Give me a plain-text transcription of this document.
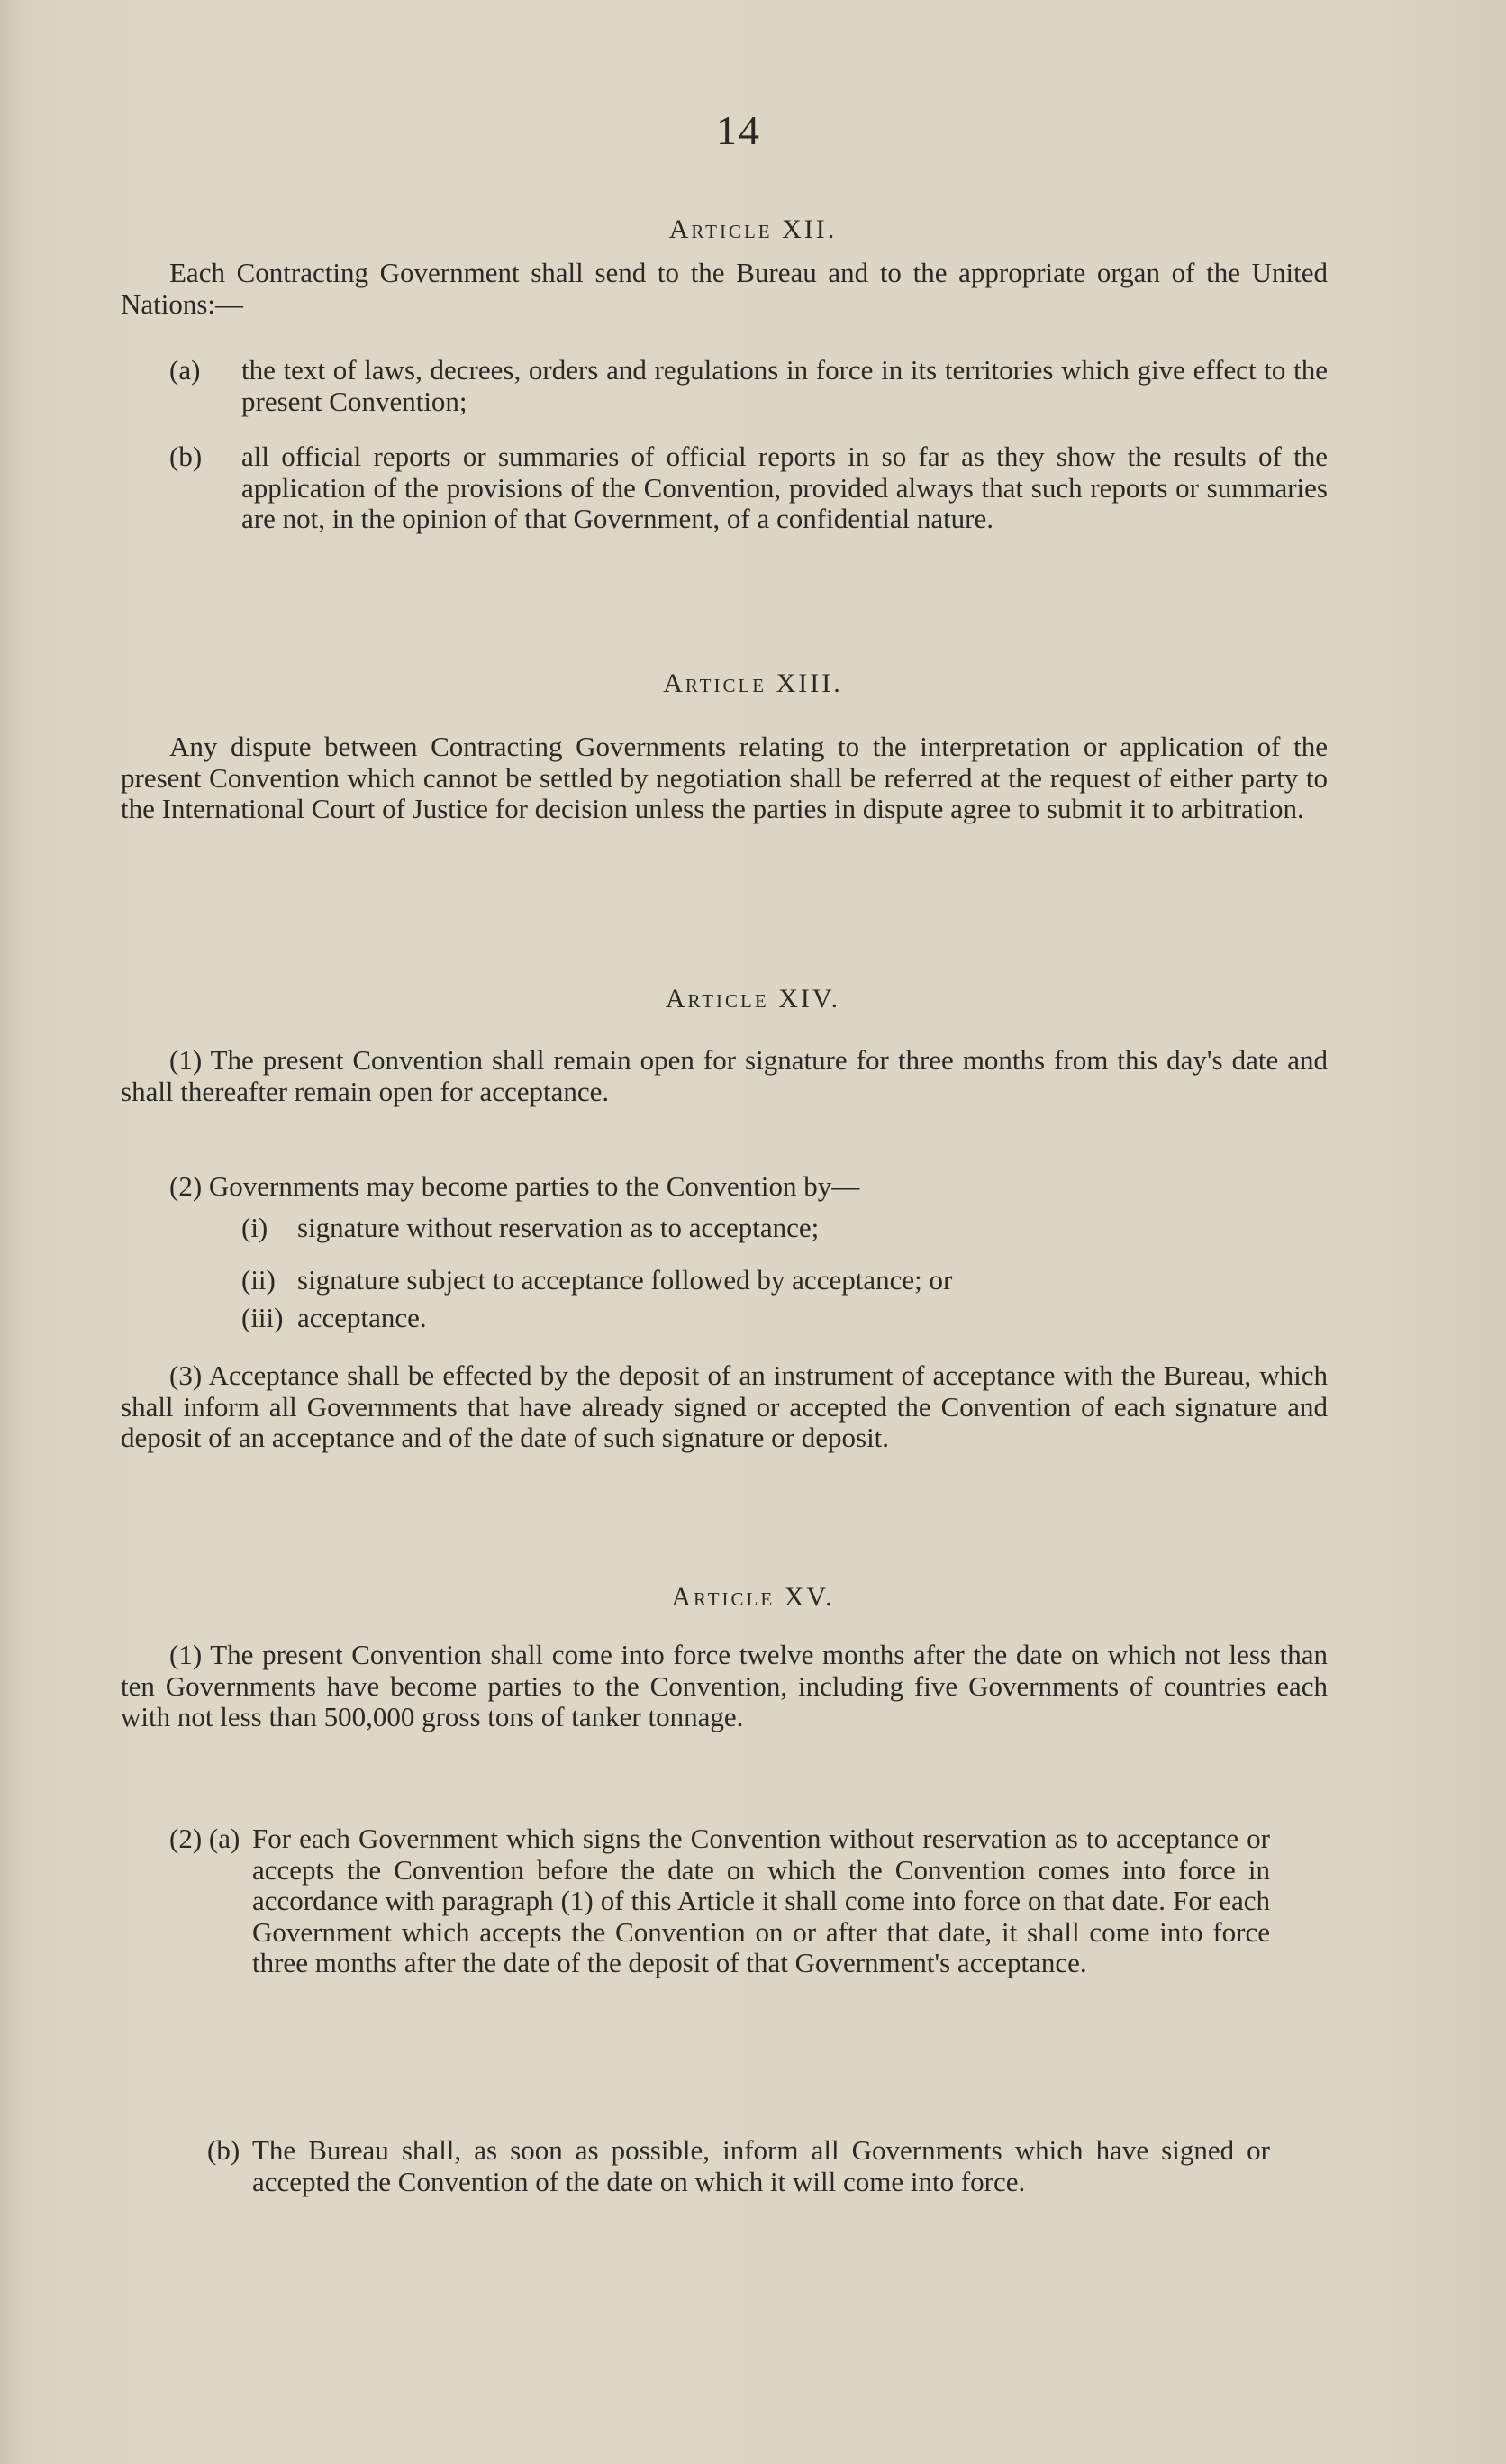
14
Article XII.

Each Contracting Government shall send to the Bureau and to the appropriate organ of the United Nations:—

(a) the text of laws, decrees, orders and regulations in force in its territories which give effect to the present Convention;

(b) all official reports or summaries of official reports in so far as they show the results of the application of the provisions of the Convention, provided always that such reports or summaries are not, in the opinion of that Government, of a confidential nature.

Article XIII.

Any dispute between Contracting Governments relating to the interpretation or application of the present Convention which cannot be settled by negotiation shall be referred at the request of either party to the International Court of Justice for decision unless the parties in dispute agree to submit it to arbitration.

Article XIV.

(1) The present Convention shall remain open for signature for three months from this day's date and shall thereafter remain open for acceptance.

(2) Governments may become parties to the Convention by—

(i) signature without reservation as to acceptance;

(ii) signature subject to acceptance followed by acceptance; or

(iii) acceptance.

(3) Acceptance shall be effected by the deposit of an instrument of acceptance with the Bureau, which shall inform all Governments that have already signed or accepted the Convention of each signature and deposit of an acceptance and of the date of such signature or deposit.

Article XV.

(1) The present Convention shall come into force twelve months after the date on which not less than ten Governments have become parties to the Convention, including five Governments of countries each with not less than 500,000 gross tons of tanker tonnage.

(2) (a) For each Government which signs the Convention without reservation as to acceptance or accepts the Convention before the date on which the Convention comes into force in accordance with paragraph (1) of this Article it shall come into force on that date. For each Government which accepts the Convention on or after that date, it shall come into force three months after the date of the deposit of that Government's acceptance.

(b) The Bureau shall, as soon as possible, inform all Governments which have signed or accepted the Convention of the date on which it will come into force.
